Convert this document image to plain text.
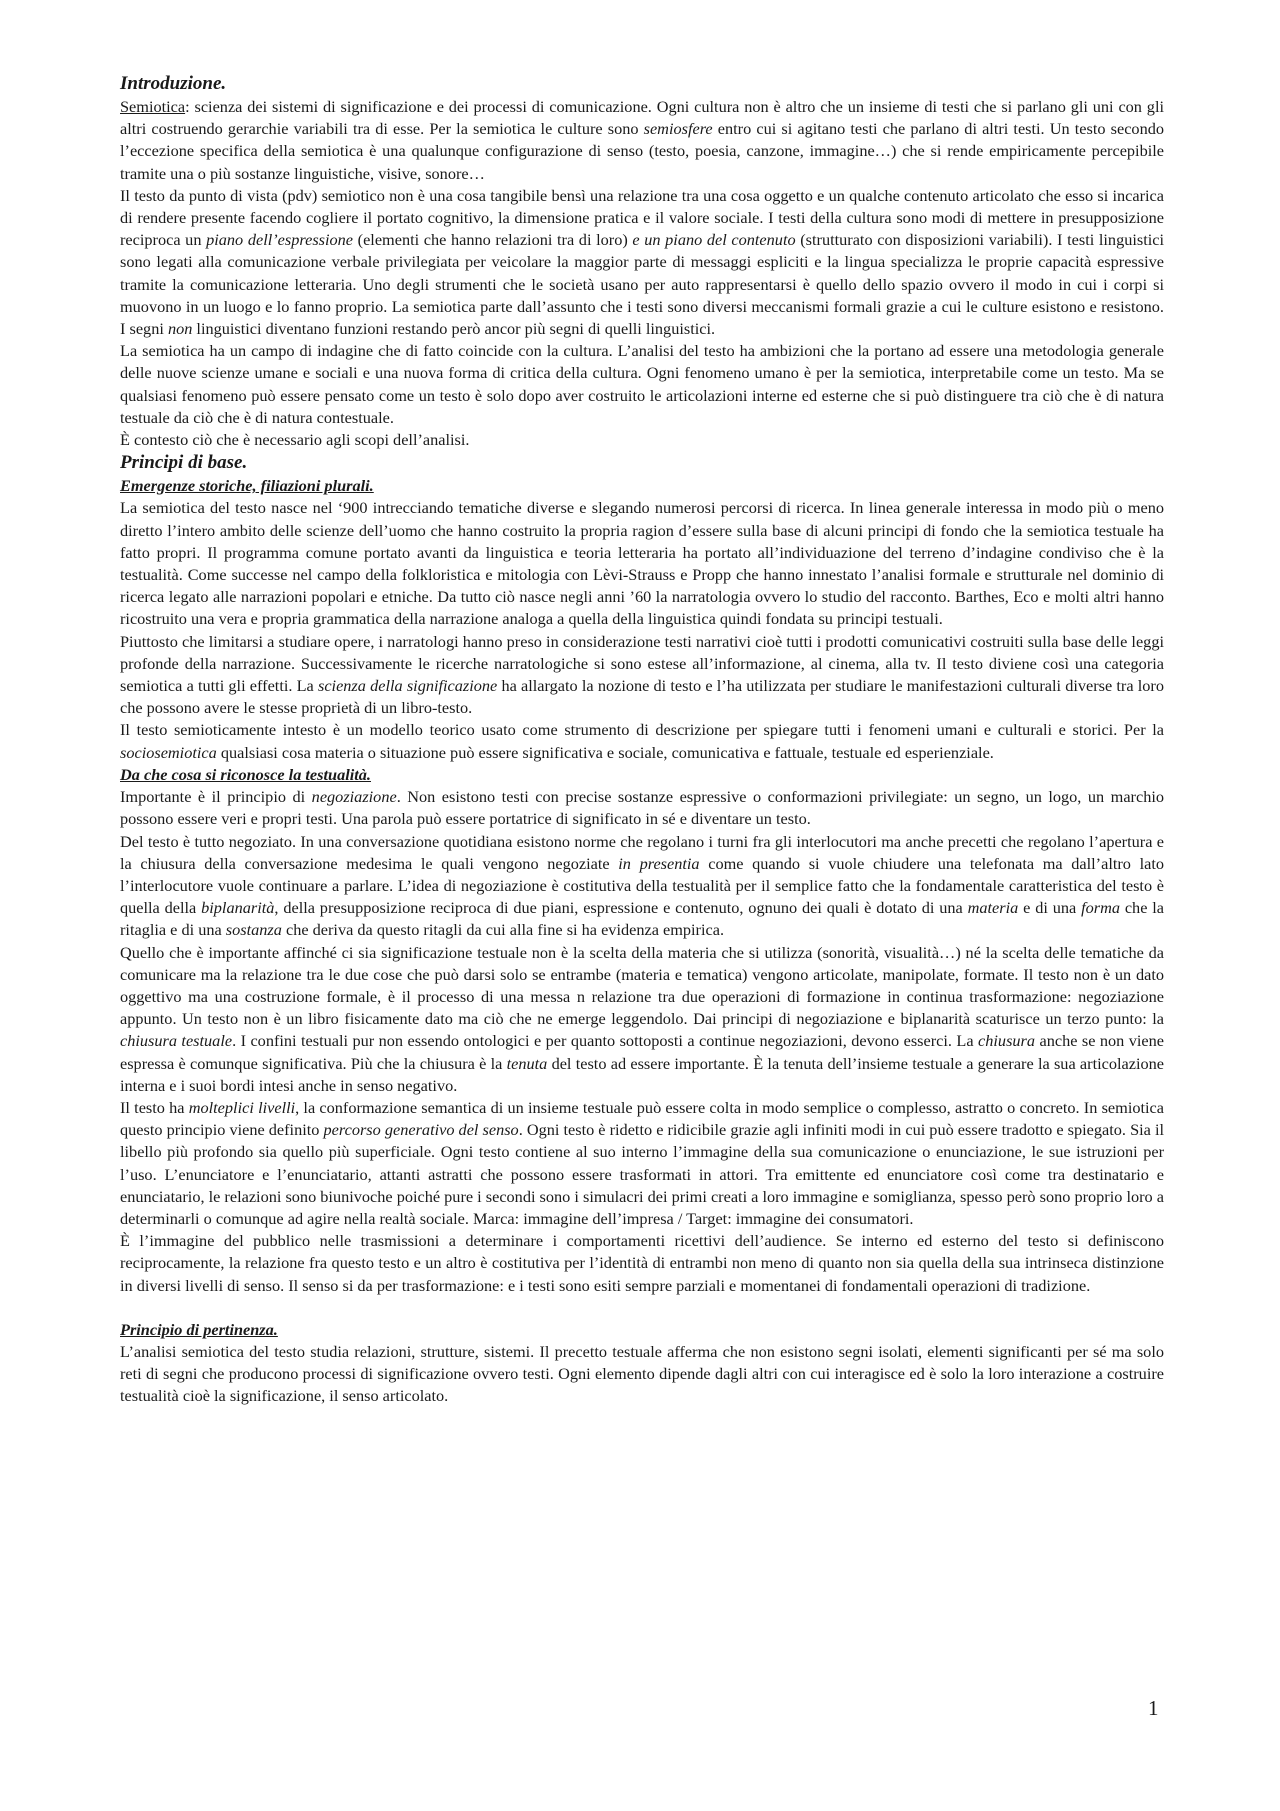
Introduzione.

Semiotica: scienza dei sistemi di significazione e dei processi di comunicazione. Ogni cultura non è altro che un insieme di testi che si parlano gli uni con gli altri costruendo gerarchie variabili tra di esse. Per la semiotica le culture sono semiosfere entro cui si agitano testi che parlano di altri testi. Un testo secondo l’eccezione specifica della semiotica è una qualunque configurazione di senso (testo, poesia, canzone, immagine…) che si rende empiricamente percepibile tramite una o più sostanze linguistiche, visive, sonore…

Il testo da punto di vista (pdv) semiotico non è una cosa tangibile bensì una relazione tra una cosa oggetto e un qualche contenuto articolato che esso si incarica di rendere presente facendo cogliere il portato cognitivo, la dimensione pratica e il valore sociale. I testi della cultura sono modi di mettere in presupposizione reciproca un piano dell’espressione (elementi che hanno relazioni tra di loro) e un piano del contenuto (strutturato con disposizioni variabili). I testi linguistici sono legati alla comunicazione verbale privilegiata per veicolare la maggior parte di messaggi espliciti e la lingua specializza le proprie capacità espressive tramite la comunicazione letteraria. Uno degli strumenti che le società usano per auto rappresentarsi è quello dello spazio ovvero il modo in cui i corpi si muovono in un luogo e lo fanno proprio. La semiotica parte dall’assunto che i testi sono diversi meccanismi formali grazie a cui le culture esistono e resistono. I segni non linguistici diventano funzioni restando però ancor più segni di quelli linguistici.

La semiotica ha un campo di indagine che di fatto coincide con la cultura. L’analisi del testo ha ambizioni che la portano ad essere una metodologia generale delle nuove scienze umane e sociali e una nuova forma di critica della cultura. Ogni fenomeno umano è per la semiotica, interpretabile come un testo. Ma se qualsiasi fenomeno può essere pensato come un testo è solo dopo aver costruito le articolazioni interne ed esterne che si può distinguere tra ciò che è di natura testuale da ciò che è di natura contestuale.

È contesto ciò che è necessario agli scopi dell’analisi.

Principi di base.

Emergenze storiche, filiazioni plurali.

La semiotica del testo nasce nel ‘900 intrecciando tematiche diverse e slegando numerosi percorsi di ricerca. In linea generale interessa in modo più o meno diretto l’intero ambito delle scienze dell’uomo che hanno costruito la propria ragion d’essere sulla base di alcuni principi di fondo che la semiotica testuale ha fatto propri. Il programma comune portato avanti da linguistica e teoria letteraria ha portato all’individuazione del terreno d’indagine condiviso che è la testualità. Come successe nel campo della folkloristica e mitologia con Lèvi-Strauss e Propp che hanno innestato l’analisi formale e strutturale nel dominio di ricerca legato alle narrazioni popolari e etniche. Da tutto ciò nasce negli anni ’60 la narratologia ovvero lo studio del racconto. Barthes, Eco e molti altri hanno ricostruito una vera e propria grammatica della narrazione analoga a quella della linguistica quindi fondata su principi testuali.

Piuttosto che limitarsi a studiare opere, i narratologi hanno preso in considerazione testi narrativi cioè tutti i prodotti comunicativi costruiti sulla base delle leggi profonde della narrazione. Successivamente le ricerche narratologiche si sono estese all’informazione, al cinema, alla tv. Il testo diviene così una categoria semiotica a tutti gli effetti. La scienza della significazione ha allargato la nozione di testo e l’ha utilizzata per studiare le manifestazioni culturali diverse tra loro che possono avere le stesse proprietà di un libro-testo.

Il testo semioticamente intesto è un modello teorico usato come strumento di descrizione per spiegare tutti i fenomeni umani e culturali e storici. Per la sociosemiotica qualsiasi cosa materia o situazione può essere significativa e sociale, comunicativa e fattuale, testuale ed esperienziale.

Da che cosa si riconosce la testualità.

Importante è il principio di negoziazione. Non esistono testi con precise sostanze espressive o conformazioni privilegiate: un segno, un logo, un marchio possono essere veri e propri testi. Una parola può essere portatrice di significato in sé e diventare un testo.

Del testo è tutto negoziato. In una conversazione quotidiana esistono norme che regolano i turni fra gli interlocutori ma anche precetti che regolano l’apertura e la chiusura della conversazione medesima le quali vengono negoziate in presentia come quando si vuole chiudere una telefonata ma dall’altro lato l’interlocutore vuole continuare a parlare. L’idea di negoziazione è costitutiva della testualità per il semplice fatto che la fondamentale caratteristica del testo è quella della biplanarità, della presupposizione reciproca di due piani, espressione e contenuto, ognuno dei quali è dotato di una materia e di una forma che la ritaglia e di una sostanza che deriva da questo ritagli da cui alla fine si ha evidenza empirica.

Quello che è importante affinché ci sia significazione testuale non è la scelta della materia che si utilizza (sonorità, visualità…) né la scelta delle tematiche da comunicare ma la relazione tra le due cose che può darsi solo se entrambe (materia e tematica) vengono articolate, manipolate, formate. Il testo non è un dato oggettivo ma una costruzione formale, è il processo di una messa n relazione tra due operazioni di formazione in continua trasformazione: negoziazione appunto. Un testo non è un libro fisicamente dato ma ciò che ne emerge leggendolo. Dai principi di negoziazione e biplanarità scaturisce un terzo punto: la chiusura testuale. I confini testuali pur non essendo ontologici e per quanto sottoposti a continue negoziazioni, devono esserci. La chiusura anche se non viene espressa è comunque significativa. Più che la chiusura è la tenuta del testo ad essere importante. È la tenuta dell’insieme testuale a generare la sua articolazione interna e i suoi bordi intesi anche in senso negativo.

Il testo ha molteplici livelli, la conformazione semantica di un insieme testuale può essere colta in modo semplice o complesso, astratto o concreto. In semiotica questo principio viene definito percorso generativo del senso. Ogni testo è ridetto e ridicibile grazie agli infiniti modi in cui può essere tradotto e spiegato. Sia il libello più profondo sia quello più superficiale. Ogni testo contiene al suo interno l’immagine della sua comunicazione o enunciazione, le sue istruzioni per l’uso. L’enunciatore e l’enunciatario, attanti astratti che possono essere trasformati in attori. Tra emittente ed enunciatore così come tra destinatario e enunciatario, le relazioni sono biunivoche poiché pure i secondi sono i simulacri dei primi creati a loro immagine e somiglianza, spesso però sono proprio loro a determinarli o comunque ad agire nella realtà sociale. Marca: immagine dell’impresa / Target: immagine dei consumatori.

È l’immagine del pubblico nelle trasmissioni a determinare i comportamenti ricettivi dell’audience. Se interno ed esterno del testo si definiscono reciprocamente, la relazione fra questo testo e un altro è costitutiva per l’identità di entrambi non meno di quanto non sia quella della sua intrinseca distinzione in diversi livelli di senso. Il senso si da per trasformazione: e i testi sono esiti sempre parziali e momentanei di fondamentali operazioni di tradizione.

Principio di pertinenza.

L’analisi semiotica del testo studia relazioni, strutture, sistemi. Il precetto testuale afferma che non esistono segni isolati, elementi significanti per sé ma solo reti di segni che producono processi di significazione ovvero testi. Ogni elemento dipende dagli altri con cui interagisce ed è solo la loro interazione a costruire testualità cioè la significazione, il senso articolato.

1
